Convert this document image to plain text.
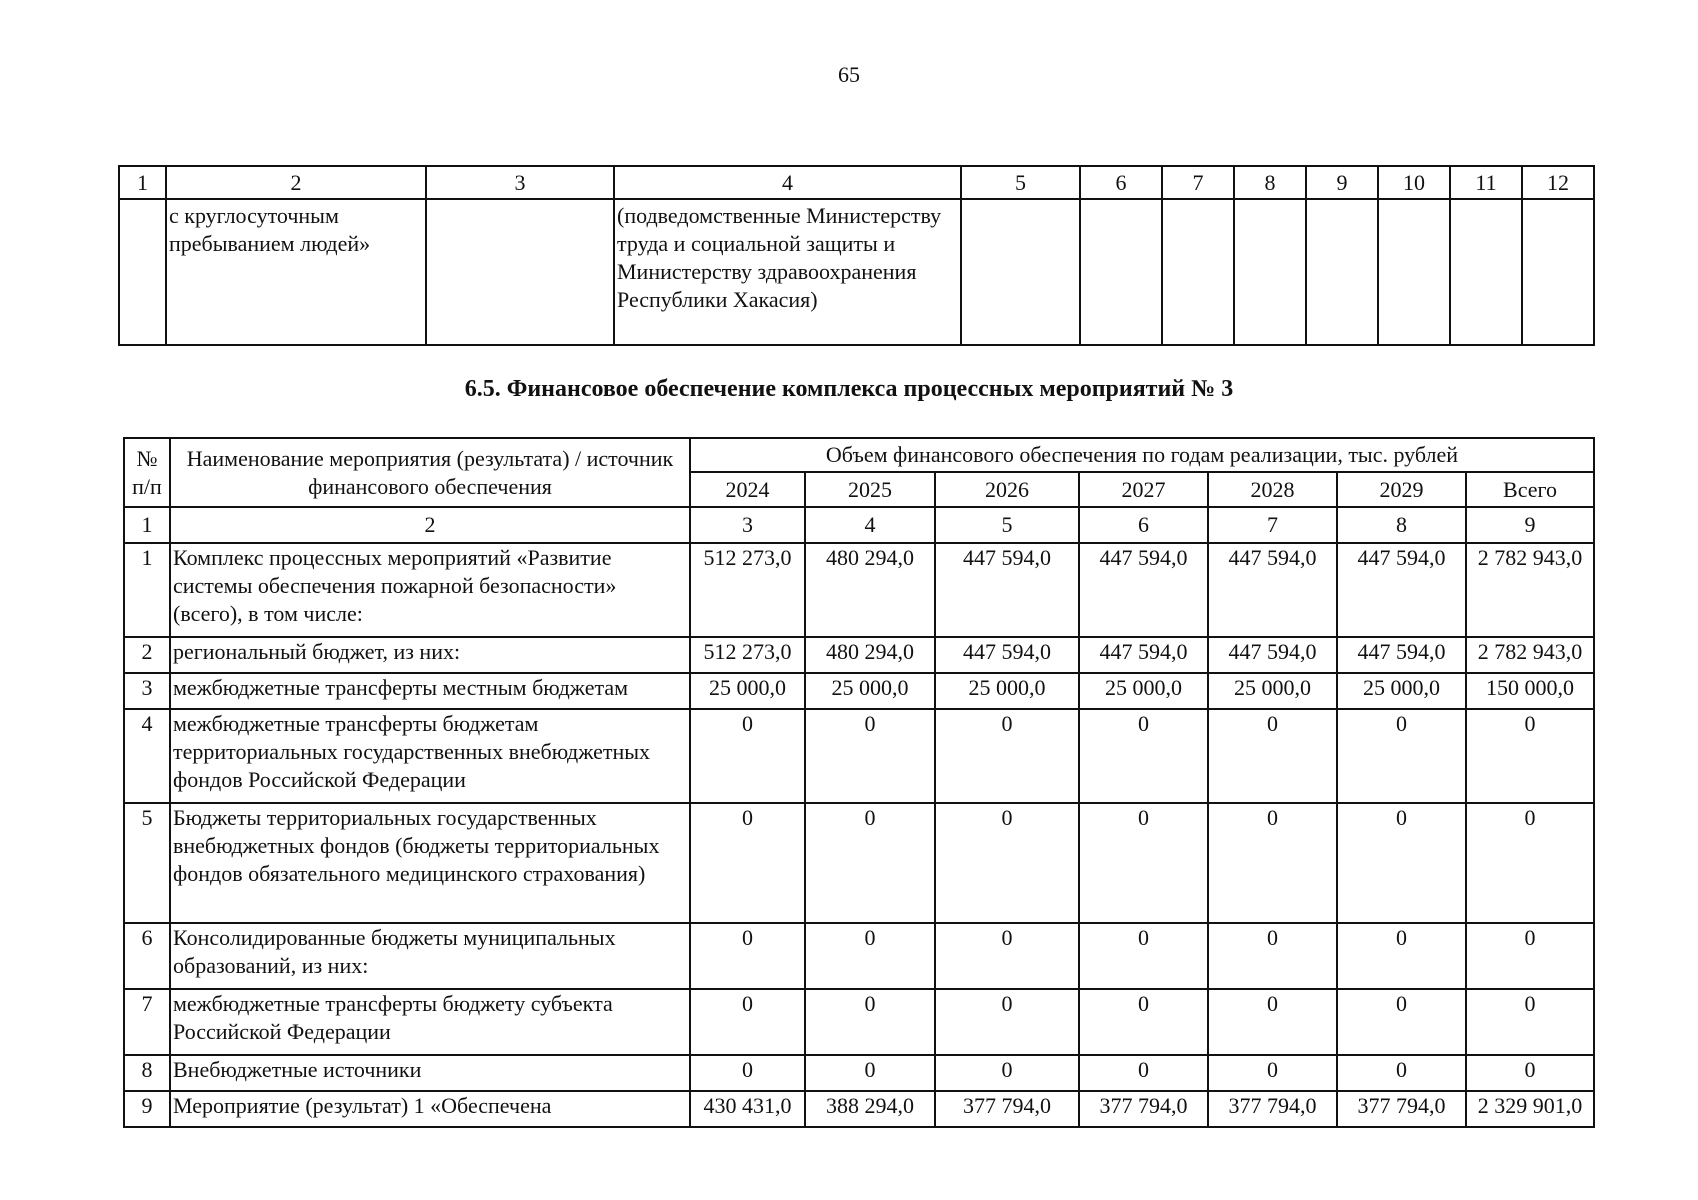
65
1	2	3	4	5	6	7	8	9	10	11	12
	с круглосуточным пребыванием людей»		(подведомственные Министерству труда и социальной защиты и Министерству здравоохранения Республики Хакасия)								
6.5. Финансовое обеспечение комплекса процессных мероприятий № 3
№ п/п	Наименование мероприятия (результата) / источник финансового обеспечения	Объем финансового обеспечения по годам реализации, тыс. рублей						
		2024	2025	2026	2027	2028	2029	Всего
1	2	3	4	5	6	7	8	9
1	Комплекс процессных мероприятий «Развитие системы обеспечения пожарной безопасности» (всего), в том числе:	512 273,0	480 294,0	447 594,0	447 594,0	447 594,0	447 594,0	2 782 943,0
2	региональный бюджет, из них:	512 273,0	480 294,0	447 594,0	447 594,0	447 594,0	447 594,0	2 782 943,0
3	межбюджетные трансферты местным бюджетам	25 000,0	25 000,0	25 000,0	25 000,0	25 000,0	25 000,0	150 000,0
4	межбюджетные трансферты бюджетам территориальных государственных внебюджетных фондов Российской Федерации	0	0	0	0	0	0	0
5	Бюджеты территориальных государственных внебюджетных фондов (бюджеты территориальных фондов обязательного медицинского страхования)	0	0	0	0	0	0	0
6	Консолидированные бюджеты муниципальных образований, из них:	0	0	0	0	0	0	0
7	межбюджетные трансферты бюджету субъекта Российской Федерации	0	0	0	0	0	0	0
8	Внебюджетные источники	0	0	0	0	0	0	0
9	Мероприятие (результат) 1 «Обеспечена	430 431,0	388 294,0	377 794,0	377 794,0	377 794,0	377 794,0	2 329 901,0
